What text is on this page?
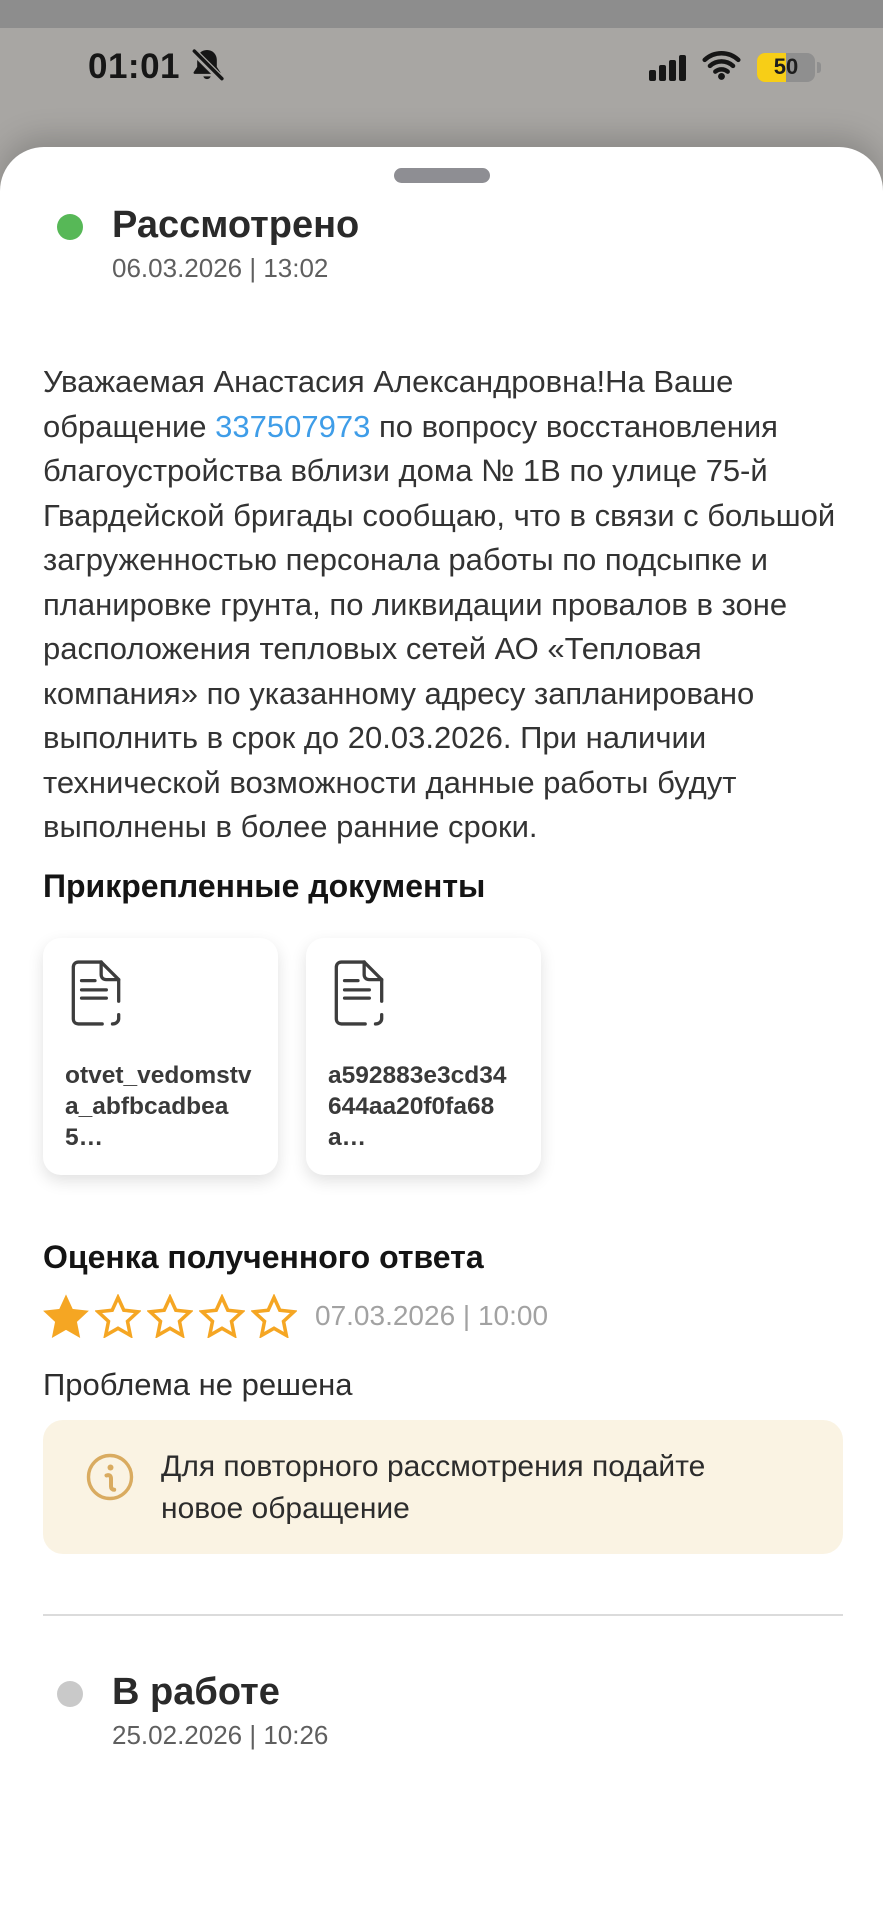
01:01	50
Рассмотрено
06.03.2026 | 13:02

Уважаемая Анастасия Александровна!На Ваше обращение 337507973 по вопросу восстановления благоустройства вблизи дома № 1В по улице 75-й Гвардейской бригады сообщаю, что в связи с большой загруженностью персонала работы по подсыпке и планировке грунта, по ликвидации провалов в зоне расположения тепловых сетей АО «Тепловая компания» по указанному адресу запланировано выполнить в срок до 20.03.2026. При наличии технической возможности данные работы будут выполнены в более ранние сроки.

Прикрепленные документы
otvet_vedomstva_abfbcadbea5…
a592883e3cd34644aa20f0fa68a…
Оценка полученного ответа
07.03.2026 | 10:00
Проблема не решена
Для повторного рассмотрения подайте новое обращение
В работе
25.02.2026 | 10:26
